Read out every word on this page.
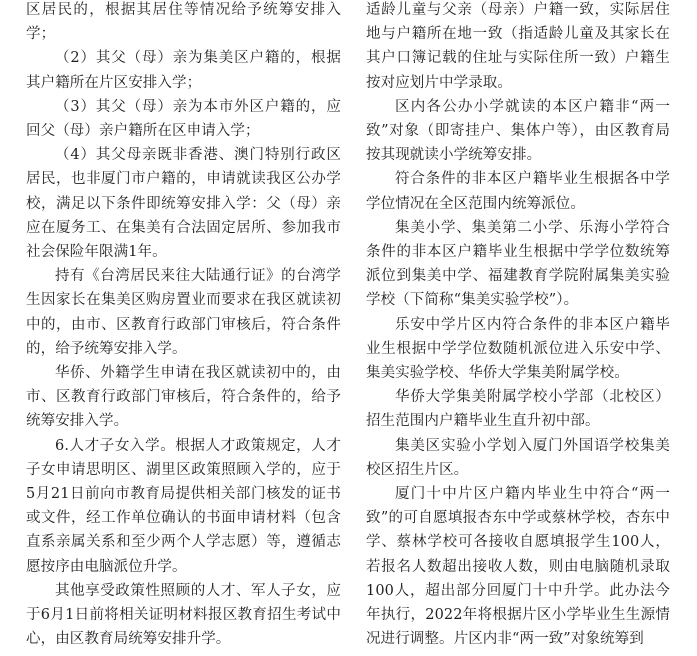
区居民的，根据其居住等情况给予统筹安排入学；

（2）其父（母）亲为集美区户籍的，根据其户籍所在片区安排入学；

（3）其父（母）亲为本市外区户籍的，应回父（母）亲户籍所在区申请入学；

（4）其父母亲既非香港、澳门特别行政区居民，也非厦门市户籍的，申请就读我区公办学校，满足以下条件即统筹安排入学：父（母）亲应在厦务工、在集美有合法固定居所、参加我市社会保险年限满1年。

持有《台湾居民来往大陆通行证》的台湾学生因家长在集美区购房置业而要求在我区就读初中的，由市、区教育行政部门审核后，符合条件的，给予统筹安排入学。

华侨、外籍学生申请在我区就读初中的，由市、区教育行政部门审核后，符合条件的，给予统筹安排入学。

6.人才子女入学。根据人才政策规定，人才子女申请思明区、湖里区政策照顾入学的，应于5月21日前向市教育局提供相关部门核发的证书或文件，经工作单位确认的书面申请材料（包含直系亲属关系和至少两个人学志愿）等，遵循志愿按序由电脑派位升学。

其他享受政策性照顾的人才、军人子女，应于6月1日前将相关证明材料报区教育招生考试中心，由区教育局统筹安排升学。

适龄儿童与父亲（母亲）户籍一致，实际居住地与户籍所在地一致（指适龄儿童及其家长在其户口簿记载的住址与实际住所一致）户籍生按对应划片中学录取。

区内各公办小学就读的本区户籍非“两一致”对象（即寄挂户、集体户等），由区教育局按其现就读小学统筹安排。

符合条件的非本区户籍毕业生根据各中学学位情况在全区范围内统筹派位。

集美小学、集美第二小学、乐海小学符合条件的非本区户籍毕业生根据中学学位数统筹派位到集美中学、福建教育学院附属集美实验学校（下简称“集美实验学校”）。

乐安中学片区内符合条件的非本区户籍毕业生根据中学学位数随机派位进入乐安中学、集美实验学校、华侨大学集美附属学校。

华侨大学集美附属学校小学部（北校区）招生范围内户籍毕业生直升初中部。

集美区实验小学划入厦门外国语学校集美校区招生片区。

厦门十中片区户籍内毕业生中符合“两一致”的可自愿填报杏东中学或蔡林学校，杏东中学、蔡林学校可各接收自愿填报学生100人，若报名人数超出接收人数，则由电脑随机录取100人，超出部分回厦门十中升学。此办法今年执行，2022年将根据片区小学毕业生生源情况进行调整。片区内非“两一致”对象统筹到
